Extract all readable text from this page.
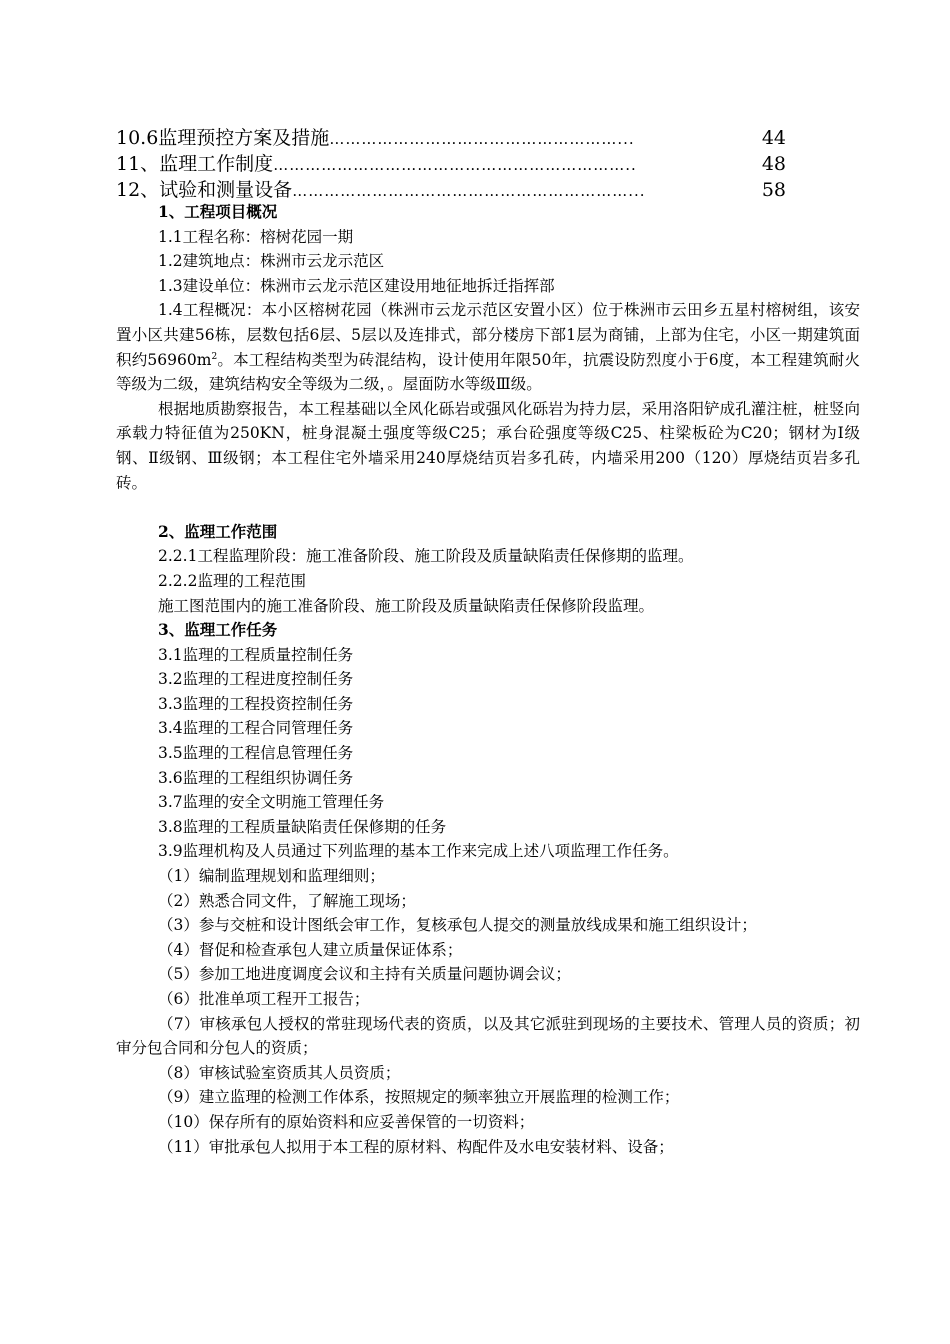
10.6监理预控方案及措施 ………………………………………………...	44
11、监理工作制度 …………………………………………………………..	48
12、试验和测量设备 ………………………………………………………...	58

1、工程项目概况

1.1工程名称：榕树花园一期

1.2建筑地点：株洲市云龙示范区

1.3建设单位：株洲市云龙示范区建设用地征地拆迁指挥部

1.4工程概况：本小区榕树花园（株洲市云龙示范区安置小区）位于株洲市云田乡五星村榕树组，该安置小区共建56栋，层数包括6层、5层以及连排式，部分楼房下部1层为商铺，上部为住宅，小区一期建筑面积约$56960m^2$。本工程结构类型为砖混结构，设计使用年限50年，抗震设防烈度小于6度，本工程建筑耐火等级为二级，建筑结构安全等级为二级，。屋面防水等级Ⅲ级。

根据地质勘察报告，本工程基础以全风化砾岩或强风化砾岩为持力层，采用洛阳铲成孔灌注桩，桩竖向承载力特征值为250KN，桩身混凝土强度等级C25；承台砼强度等级C25、柱梁板砼为C20；钢材为Ⅰ级钢、Ⅱ级钢、Ⅲ级钢；本工程住宅外墙采用240厚烧结页岩多孔砖，内墙采用200（120）厚烧结页岩多孔砖。

2、监理工作范围

2.2.1工程监理阶段：施工准备阶段、施工阶段及质量缺陷责任保修期的监理。

2.2.2监理的工程范围

施工图范围内的施工准备阶段、施工阶段及质量缺陷责任保修阶段监理。

3、监理工作任务

3.1监理的工程质量控制任务

3.2监理的工程进度控制任务

3.3监理的工程投资控制任务

3.4监理的工程合同管理任务

3.5监理的工程信息管理任务

3.6监理的工程组织协调任务

3.7监理的安全文明施工管理任务

3.8监理的工程质量缺陷责任保修期的任务

3.9监理机构及人员通过下列监理的基本工作来完成上述八项监理工作任务。

（1）编制监理规划和监理细则；

（2）熟悉合同文件，了解施工现场；

（3）参与交桩和设计图纸会审工作，复核承包人提交的测量放线成果和施工组织设计；

（4）督促和检查承包人建立质量保证体系；

（5）参加工地进度调度会议和主持有关质量问题协调会议；

（6）批准单项工程开工报告；

（7）审核承包人授权的常驻现场代表的资质，以及其它派驻到现场的主要技术、管理人员的资质；初审分包合同和分包人的资质；

（8）审核试验室资质其人员资质；

（9）建立监理的检测工作体系，按照规定的频率独立开展监理的检测工作；

（10）保存所有的原始资料和应妥善保管的一切资料；

（11）审批承包人拟用于本工程的原材料、构配件及水电安装材料、设备；
